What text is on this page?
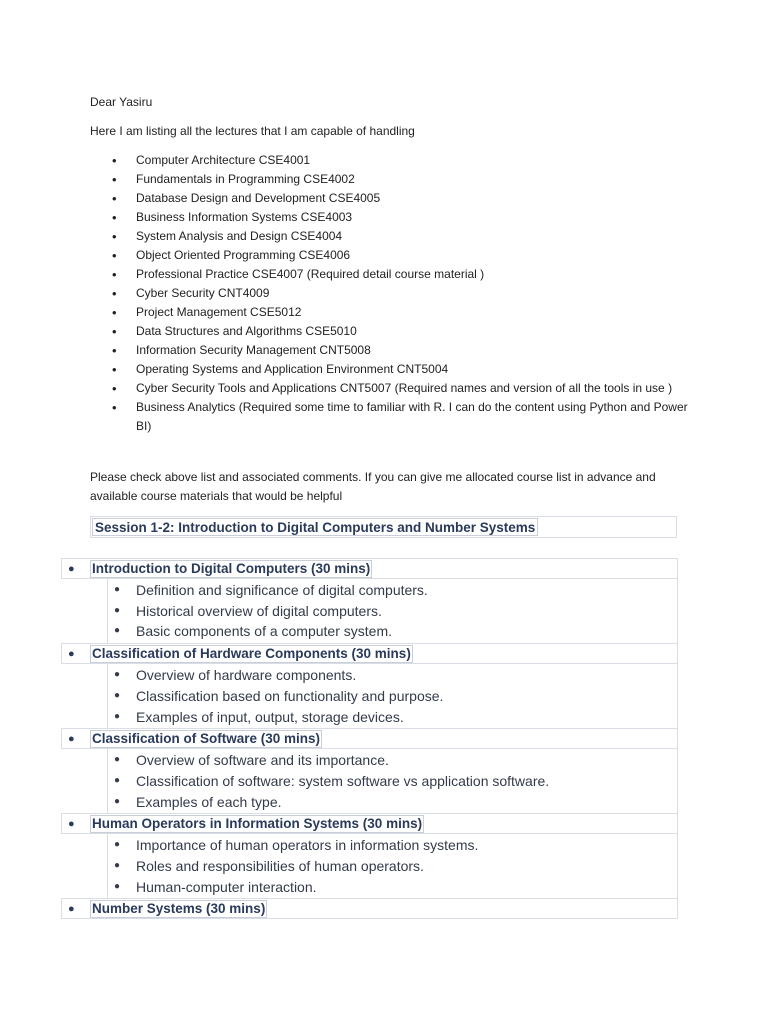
Dear Yasiru

Here I am listing all the lectures that I am capable of handling

• Computer Architecture CSE4001
• Fundamentals in Programming CSE4002
• Database Design and Development CSE4005
• Business Information Systems CSE4003
• System Analysis and Design CSE4004
• Object Oriented Programming CSE4006
• Professional Practice CSE4007 (Required detail course material )
• Cyber Security CNT4009
• Project Management CSE5012
• Data Structures and Algorithms CSE5010
• Information Security Management CNT5008
• Operating Systems and Application Environment CNT5004
• Cyber Security Tools and Applications CNT5007 (Required names and version of all the tools in use )
• Business Analytics (Required some time to familiar with R. I can do the content using Python and Power BI)

Please check above list and associated comments. If you can give me allocated course list in advance and available course materials that would be helpful

Session 1-2: Introduction to Digital Computers and Number Systems
● Introduction to Digital Computers (30 mins)
● Definition and significance of digital computers.
● Historical overview of digital computers.
● Basic components of a computer system.
● Classification of Hardware Components (30 mins)
● Overview of hardware components.
● Classification based on functionality and purpose.
● Examples of input, output, storage devices.
● Classification of Software (30 mins)
● Overview of software and its importance.
● Classification of software: system software vs application software.
● Examples of each type.
● Human Operators in Information Systems (30 mins)
● Importance of human operators in information systems.
● Roles and responsibilities of human operators.
● Human-computer interaction.
● Number Systems (30 mins)
